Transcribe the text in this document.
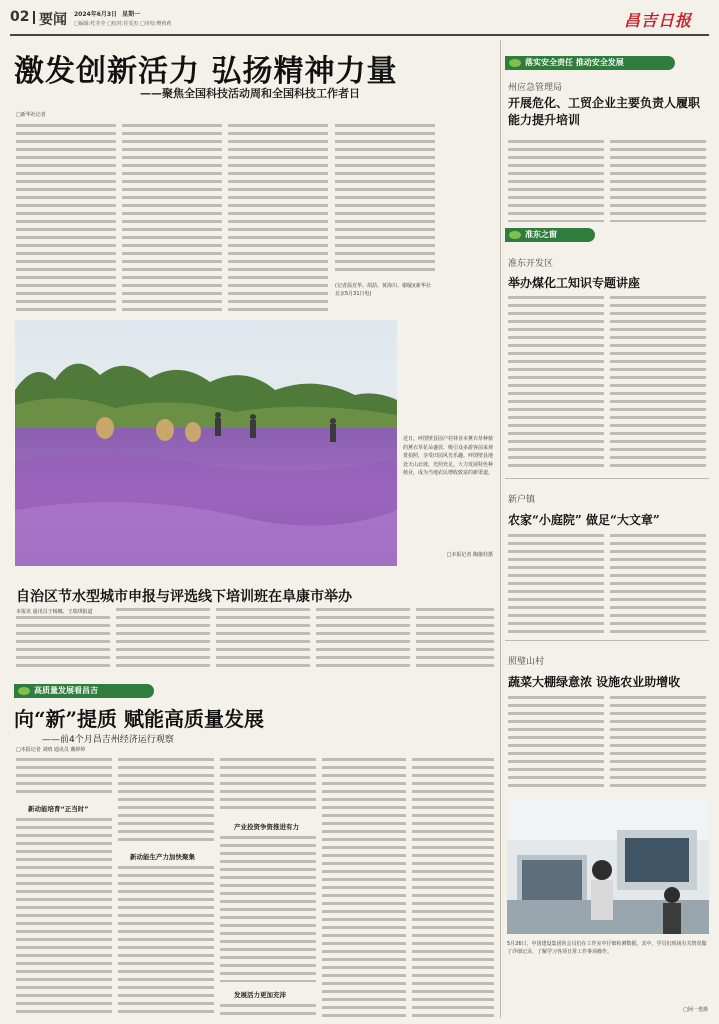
02 要闻 2024年6月3日 星期一
□编辑:牝莹莹 □校对:任雯杰 □审校:樊莉莉	昌吉日报
激发创新活力 弘扬精神力量
——聚焦全国科技活动周和全国科技工作者日
□新华社记者
(记者温竞华、胡喆、黄海川、谢璇)(新华社北京5月31日电)
近日，呼图壁县园户村林业本薰衣草种植的薰衣草花朵盛放，吸引众多游客前来观赏拍照，享受田园风光乐趣。呼图壁县地处天山北坡，光照充足，大力发展特色种植业，成为当地农民增收致富的新渠道。
□本报记者 陶俊娃摄
自治区节水型城市申报与评选线下培训班在阜康市举办
本报讯 通讯员于杨娜、王瑞琪报道
高质量发展看昌吉
向“新”提质 赋能高质量发展
——前4个月昌吉州经济运行观察
□本报记者 刘晴 通讯员 戴婷婷
新动能培育“正当时”
新动能生产力加快聚集
产业投资争资推进有力
发展活力更加充沛
落实安全责任 推动安全发展
州应急管理局
开展危化、工贸企业主要负责人履职能力提升培训
准东之窗
准东开发区
举办煤化工知识专题讲座
新户镇
农家“小庭院” 做足“大文章”
照璧山村
蔬菜大棚绿意浓 设施农业助增收
5月26日，中国建设集团的会员们在工作室中仔细检测数据。其中，学员们现场有关情况做了详细记录，了解学习各项日常工作事项操作。
□阿一勇摄
